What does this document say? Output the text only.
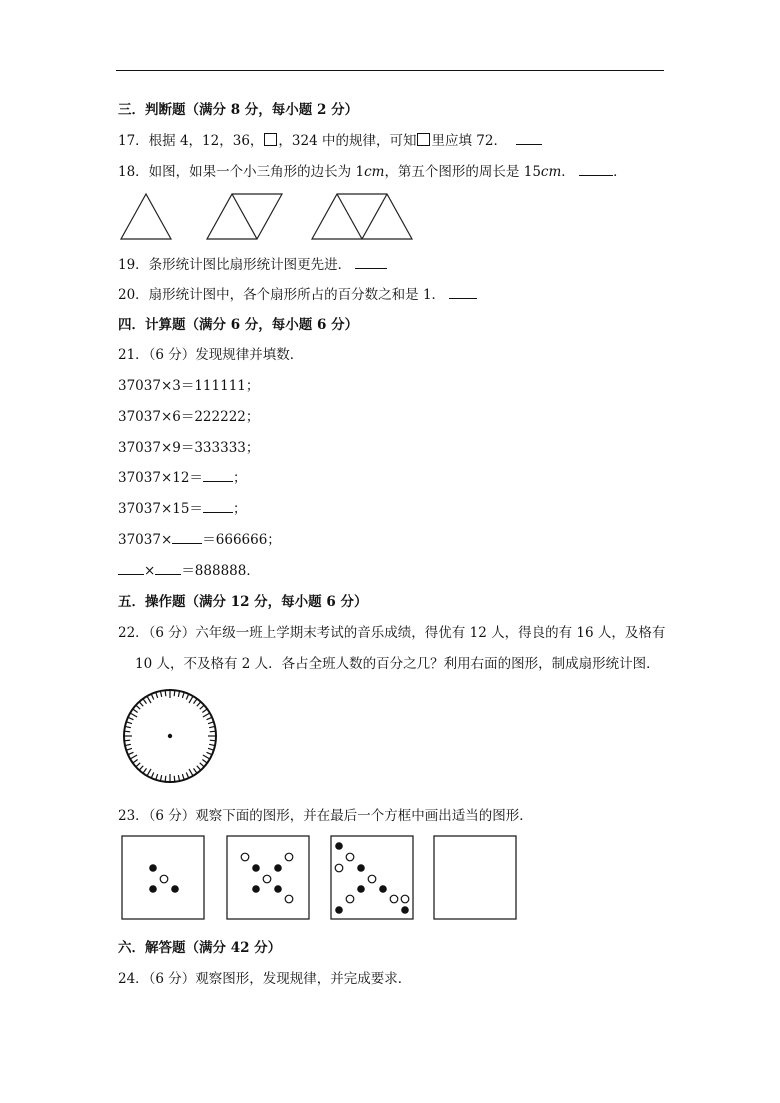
三．判断题（满分 8 分，每小题 2 分）
17．根据 4，12，36， ，324 中的规律，可知 里应填 72．
18．如图，如果一个小三角形的边长为 1cm，第五个图形的周长是 15cm．	．
19．条形统计图比扇形统计图更先进．
20．扇形统计图中，各个扇形所占的百分数之和是 1．
四．计算题（满分 6 分，每小题 6 分）
21．（6 分）发现规律并填数．
37037×3＝111111；
37037×6＝222222；
37037×9＝333333；
37037×12＝ ；
37037×15＝ ；
37037× ＝666666；
× ＝888888．
五．操作题（满分 12 分，每小题 6 分）
22．（6 分）六年级一班上学期末考试的音乐成绩，得优有 12 人，得良的有 16 人，及格有
10 人，不及格有 2 人．各占全班人数的百分之几？利用右面的图形，制成扇形统计图．
23．（6 分）观察下面的图形，并在最后一个方框中画出适当的图形．
六．解答题（满分 42 分）
24．（6 分）观察图形，发现规律，并完成要求．
